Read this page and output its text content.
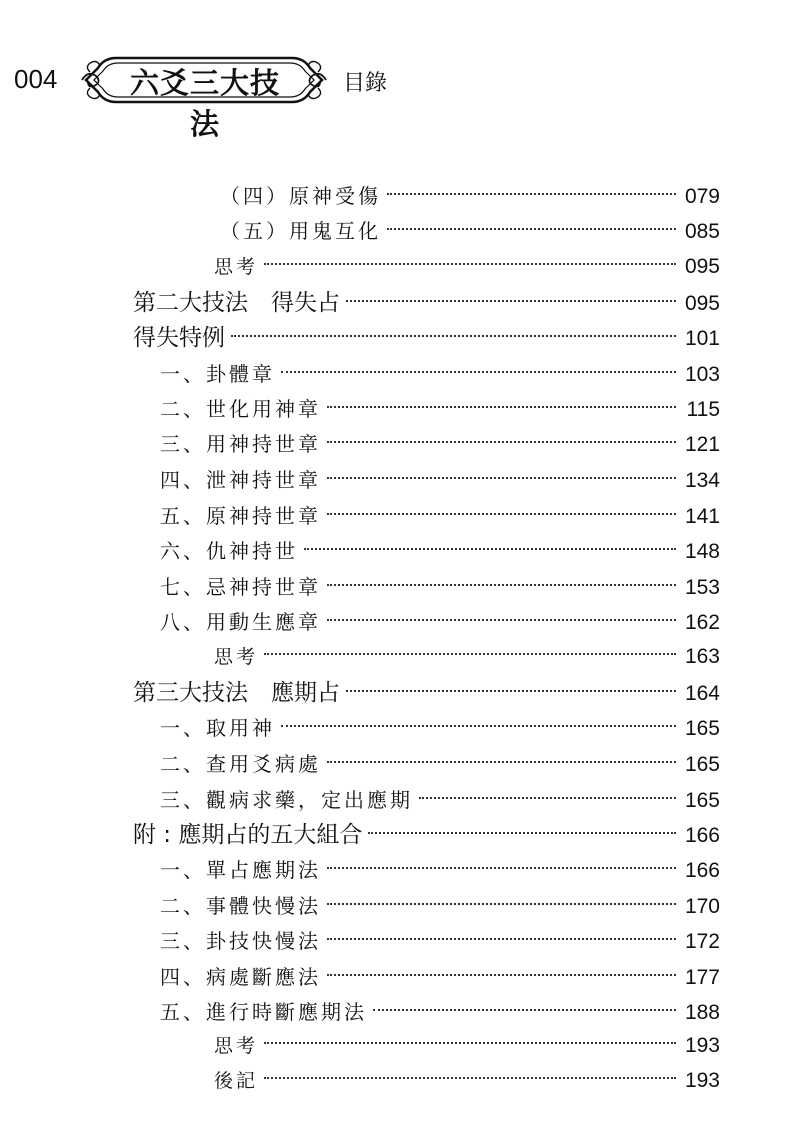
004	六爻三大技法
目錄
（四）原神受傷	079
（五）用鬼互化	085
思考	095
第二大技法　得失占	095
得失特例	101
一、卦體章	103
二、世化用神章	115
三、用神持世章	121
四、泄神持世章	134
五、原神持世章	141
六、仇神持世	148
七、忌神持世章	153
八、用動生應章	162
思考	163
第三大技法　應期占	164
一、取用神	165
二、查用爻病處	165
三、觀病求藥，定出應期	165
附 : 應期占的五大組合	166
一、單占應期法	166
二、事體快慢法	170
三、卦技快慢法	172
四、病處斷應法	177
五、進行時斷應期法	188
思考	193
後記	193
